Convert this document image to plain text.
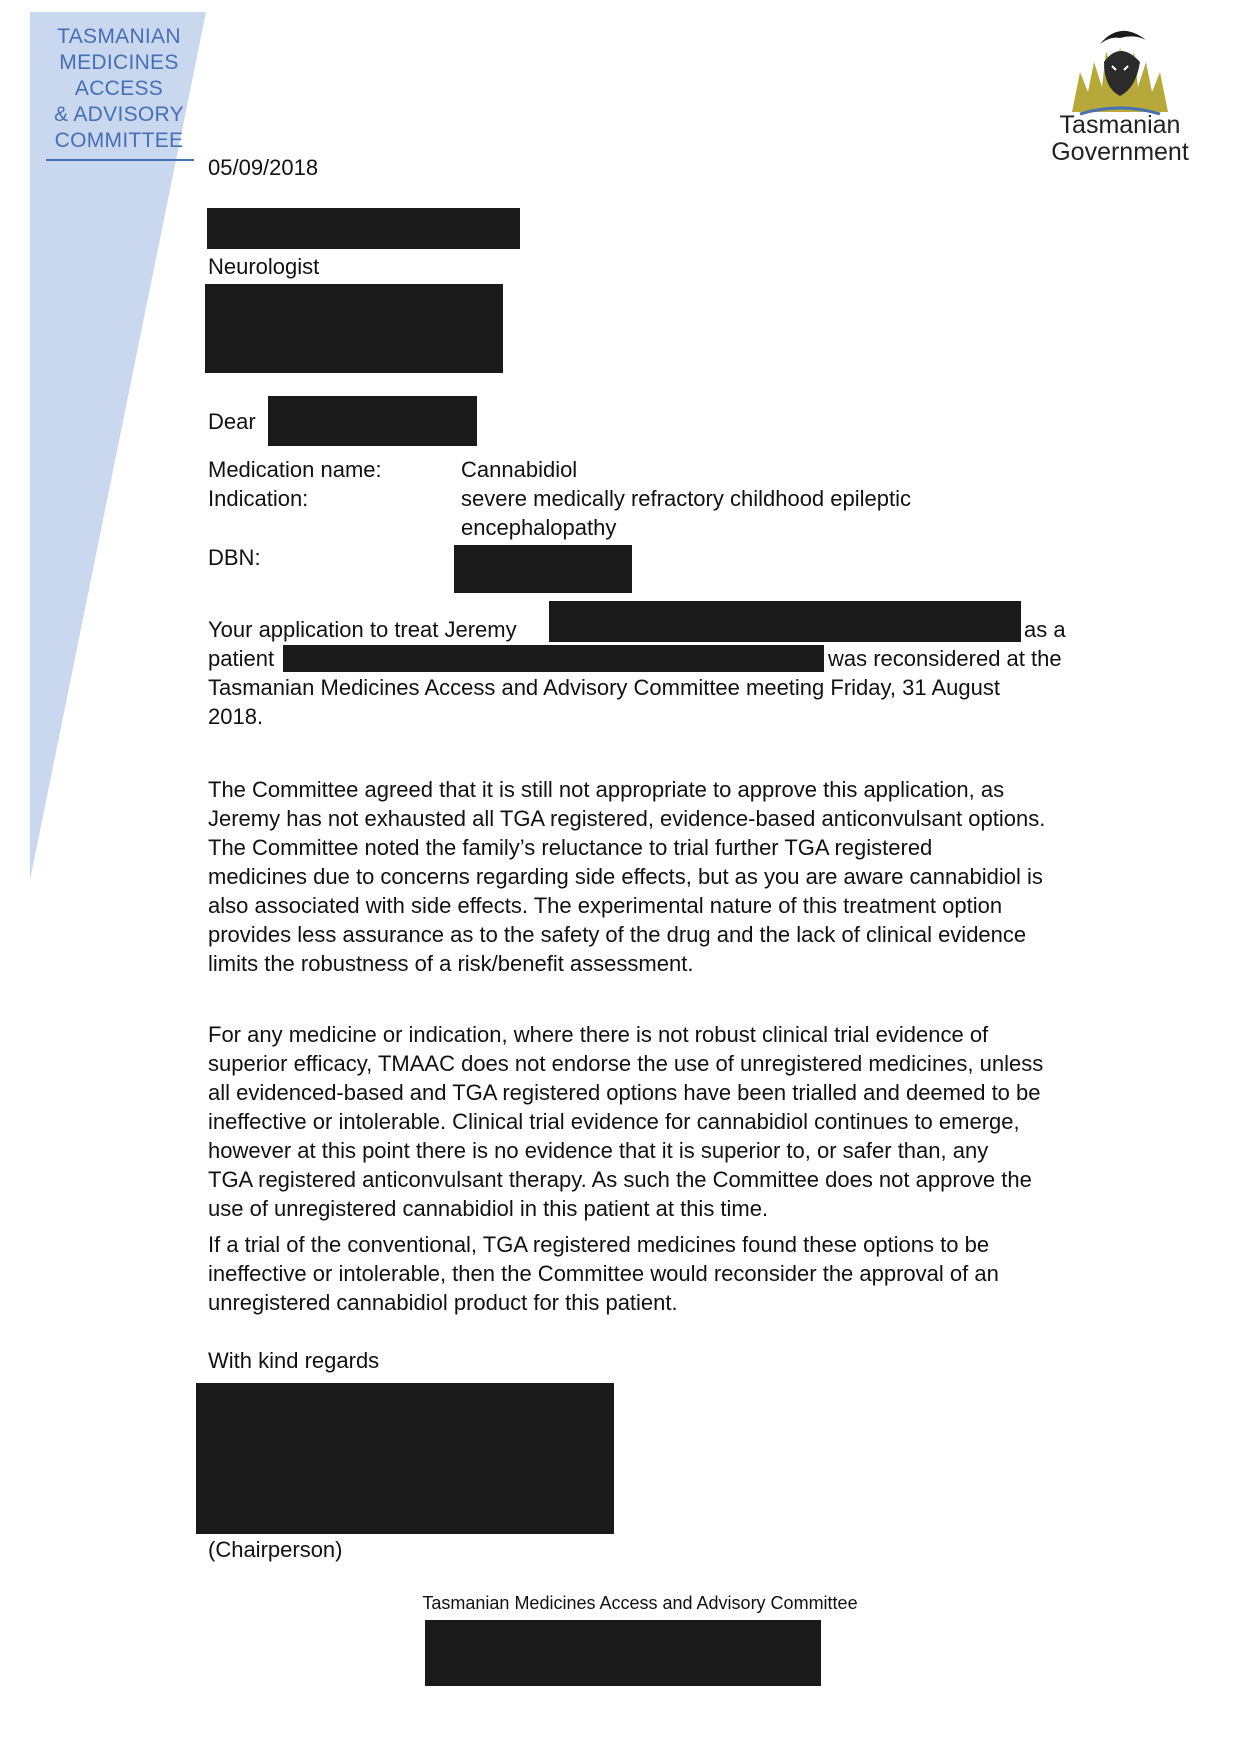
TASMANIAN
MEDICINES
ACCESS
& ADVISORY
COMMITTEE
Tasmanian
Government
05/09/2018
Neurologist
Dear
Medication name:	Cannabidiol
Indication:	severe medically refractory childhood epileptic
encephalopathy
DBN:
Your application to treat Jeremy	as a
patient	was reconsidered at the
Tasmanian Medicines Access and Advisory Committee meeting Friday, 31 August
2018.
The Committee agreed that it is still not appropriate to approve this application, as
Jeremy has not exhausted all TGA registered, evidence-based anticonvulsant options.
The Committee noted the family’s reluctance to trial further TGA registered
medicines due to concerns regarding side effects, but as you are aware cannabidiol is
also associated with side effects. The experimental nature of this treatment option
provides less assurance as to the safety of the drug and the lack of clinical evidence
limits the robustness of a risk/benefit assessment.
For any medicine or indication, where there is not robust clinical trial evidence of
superior efficacy, TMAAC does not endorse the use of unregistered medicines, unless
all evidenced-based and TGA registered options have been trialled and deemed to be
ineffective or intolerable. Clinical trial evidence for cannabidiol continues to emerge,
however at this point there is no evidence that it is superior to, or safer than, any
TGA registered anticonvulsant therapy. As such the Committee does not approve the
use of unregistered cannabidiol in this patient at this time.
If a trial of the conventional, TGA registered medicines found these options to be
ineffective or intolerable, then the Committee would reconsider the approval of an
unregistered cannabidiol product for this patient.
With kind regards
(Chairperson)
Tasmanian Medicines Access and Advisory Committee
